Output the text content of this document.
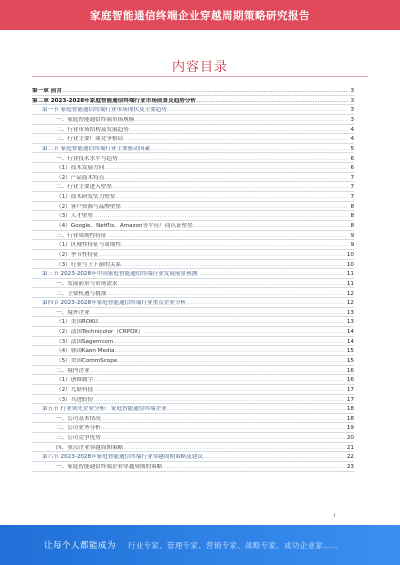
家庭智能通信终端企业穿越周期策略研究报告
内容目录
第一章 前言 .....	3
第二章 2023-2028年家庭智能通信终端行业市场前景及趋势分析 .....	3
第一节 家庭智能通信终端行业市场现状及主要趋势 .....	3
一、家庭智能通信终端市场规模 .....	3
二、行业市场结构及发展趋势 .....	4
三、行业主要厂商竞争格局 .....	4
第二节 家庭智能通信终端行业主要驱动因素 .....	5
一、行业技术水平与趋势 .....	6
（1）技术发展方向 .....	6
（2）产品技术特点 .....	7
二、行业主要进入壁垒 .....	7
（1）技术研发实力壁垒 .....	7
（2）客户资源与品牌壁垒 .....	8
（3）人才壁垒 .....	8
（4）Google、Netflix、Amazon等平台厂商认证壁垒 .....	8
三、行业周期性特征 .....	9
（1）区域性特征与周期性 .....	9
（2）季节性特征 .....	10
（3）行业与上下游的关系 .....	10
第三节 2023-2028年中国家庭智能通信终端行业发展前景预测 .....	11
一、发展前景与市场需求 .....	11
二、主要机遇与挑战 .....	12
第四节 2023-2028年家庭智能通信终端行业重点企业分析 .....	12
一、境外企业 .....	13
（1）美国ROKU .....	13
（2）法国Technicolor（CRPOX） .....	14
（3）法国Sagemcom .....	14
（4）韩国Kaon Media .....	15
（5）美国CommScope .....	15
二、境内企业 .....	16
（1）创维数字 .....	16
（2）九联科技 .....	17
（3）共进股份 .....	17
第五节 行业领先企业分析：家庭智能通信终端企业 .....	18
一、公司基本情况 .....	18
二、公司业务分析 .....	19
三、公司竞争优势 .....	20
四、重点企业穿越周期策略 .....	21
第六节 2023-2028年家庭智能通信终端行业穿越周期策略及建议 .....	22
一、家庭智能通信终端企业穿越周期的策略 .....	23
I
让每个人都能成为 行业专家、管理专家、营销专家、战略专家、成功企业家……
